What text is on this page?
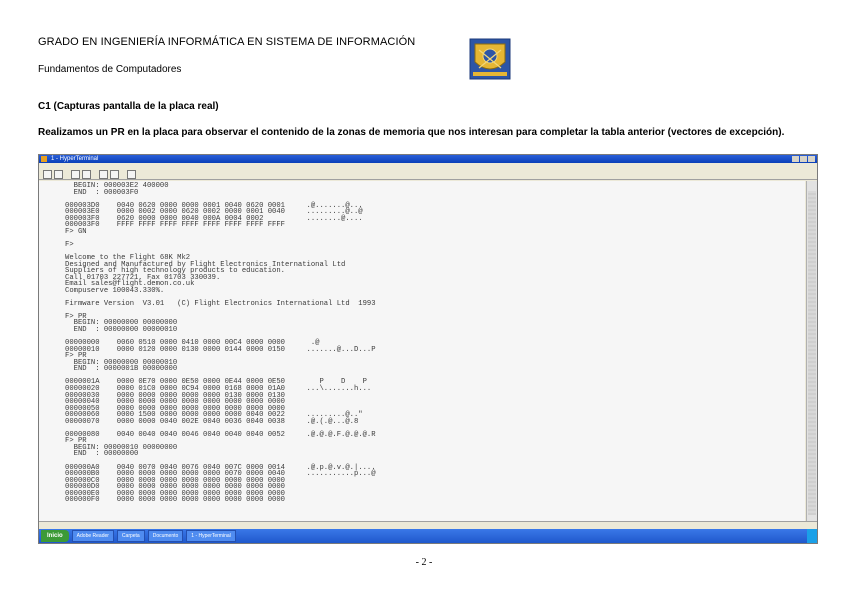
GRADO EN INGENIERÍA INFORMÁTICA EN SISTEMA DE INFORMACIÓN
Fundamentos de Computadores
C1 (Capturas pantalla de la placa real)
Realizamos un PR en la placa para observar el contenido de la zonas de memoria que nos interesan para completar la tabla anterior (vectores de excepción).
1 - HyperTerminal
BEGIN: 000003E2 400000
END  : 000003F0

000003D0    0040 0620 0000 0000 0001 0040 0620 0001     .@.......@...
000003E0    0000 0002 0000 0620 0002 0000 0001 0040     .........@..@
000003F0    0620 0000 0000 0040 000A 0004 0002          ........@....
000003F0    FFFF FFFF FFFF FFFF FFFF FFFF FFFF FFFF
F> GN

F>

Welcome to the Flight 68K Mk2
Designed and Manufactured by Flight Electronics International Ltd
Suppliers of high technology products to education.
Call 01703 227721, Fax 01703 330039.
Email sales@flight.demon.co.uk
Compuserve 100043.330%.

Firmware Version  V3.01   (C) Flight Electronics International Ltd  1993

F> PR
BEGIN: 00000000 00000000
END  : 00000000 00000010

00000000    0060 0510 0000 0410 0000 00C4 0000 0000      .@
00000010    0000 0120 0000 0130 0000 0144 0000 0150     .......@...D...P
F> PR
BEGIN: 00000000 00000010
END  : 0000001B 00000000

0000001A    0000 0E70 0000 0E50 0000 0E44 0000 0E50        P    D    P
00000020    0000 01C0 0000 0C94 0000 0168 0000 01A0     ...\.......h...
00000030    0000 0000 0000 0000 0000 0130 0000 0130
00000040    0000 0000 0000 0000 0000 0000 0000 0000
00000050    0000 0000 0000 0000 0000 0000 0000 0000
00000060    0000 1500 0000 0000 0000 0000 0040 0022     .........@.."
00000070    0000 0000 0040 002E 0040 0036 0040 0038     .@.(.@...@.8

00000080    0040 0040 0040 0046 0040 0040 0040 0052     .@.@.@.F.@.@.@.R
F> PR
BEGIN: 00000010 00000000
END  : 00000000

000000A0    0040 0070 0040 0076 0040 007C 0000 0014     .@.p.@.v.@.|....
000000B0    0000 0000 0000 0000 0000 0070 0000 0040     ...........p...@
000000C0    0000 0000 0000 0000 0000 0000 0000 0000
000000D0    0000 0000 0000 0000 0000 0000 0000 0000
000000E0    0000 0000 0000 0000 0000 0000 0000 0000
000000F0    0000 0000 0000 0000 0000 0000 0000 0000
Inicio	Adobe Reader	Carpeta	Documento	1 - HyperTerminal
- 2 -
